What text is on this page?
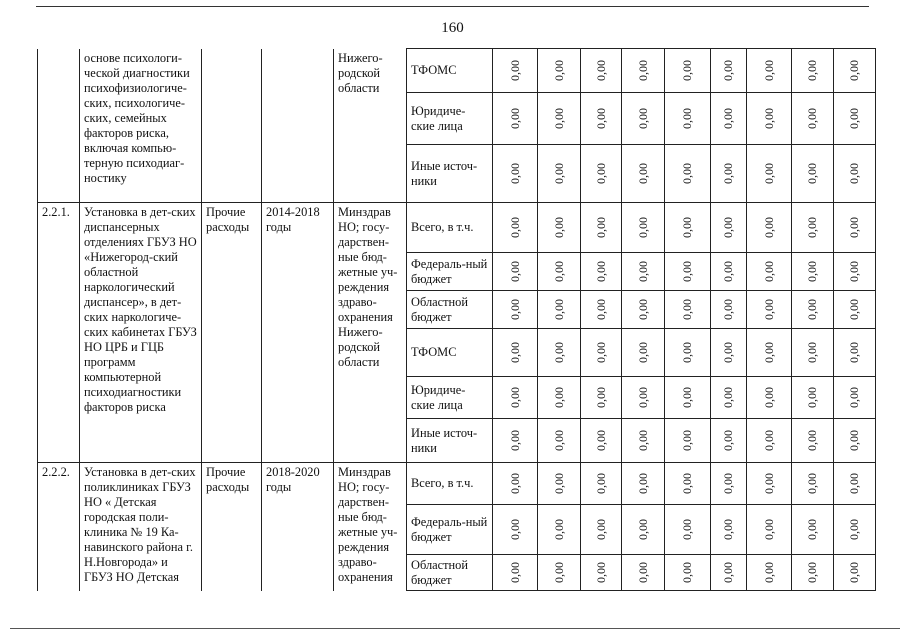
160
	основе психологи-ческой диагностики психофизиологиче-ских, психологиче-ских, семейных факторов риска, включая компью-терную психодиаг-ностику			Нижего-родской области	ТФОМС	0,00	0,00	0,00	0,00	0,00	0,00	0,00	0,00	0,00
					Юридиче-ские лица	0,00	0,00	0,00	0,00	0,00	0,00	0,00	0,00	0,00
					Иные источ-ники	0,00	0,00	0,00	0,00	0,00	0,00	0,00	0,00	0,00
2.2.1.	Установка в дет-ских диспансерных отделениях ГБУЗ НО «Нижегород-ский областной наркологический диспансер», в дет-ских наркологиче-ских кабинетах ГБУЗ НО ЦРБ и ГЦБ программ компьютерной психодиагностики факторов риска	Прочие расходы	2014-2018 годы	Минздрав НО; госу-дарствен-ные бюд-жетные уч-реждения здраво-охранения Нижего-родской области	Всего, в т.ч.	0,00	0,00	0,00	0,00	0,00	0,00	0,00	0,00	0,00
					Федераль-ный бюджет	0,00	0,00	0,00	0,00	0,00	0,00	0,00	0,00	0,00
					Областной бюджет	0,00	0,00	0,00	0,00	0,00	0,00	0,00	0,00	0,00
					ТФОМС	0,00	0,00	0,00	0,00	0,00	0,00	0,00	0,00	0,00
					Юридиче-ские лица	0,00	0,00	0,00	0,00	0,00	0,00	0,00	0,00	0,00
					Иные источ-ники	0,00	0,00	0,00	0,00	0,00	0,00	0,00	0,00	0,00
2.2.2.	Установка в дет-ских поликлиниках ГБУЗ НО « Детская городская поли-клиника № 19 Ка-навинского района г. Н.Новгорода» и ГБУЗ НО Детская	Прочие расходы	2018-2020 годы	Минздрав НО; госу-дарствен-ные бюд-жетные уч-реждения здраво-охранения	Всего, в т.ч.	0,00	0,00	0,00	0,00	0,00	0,00	0,00	0,00	0,00
					Федераль-ный бюджет	0,00	0,00	0,00	0,00	0,00	0,00	0,00	0,00	0,00
					Областной бюджет	0,00	0,00	0,00	0,00	0,00	0,00	0,00	0,00	0,00
